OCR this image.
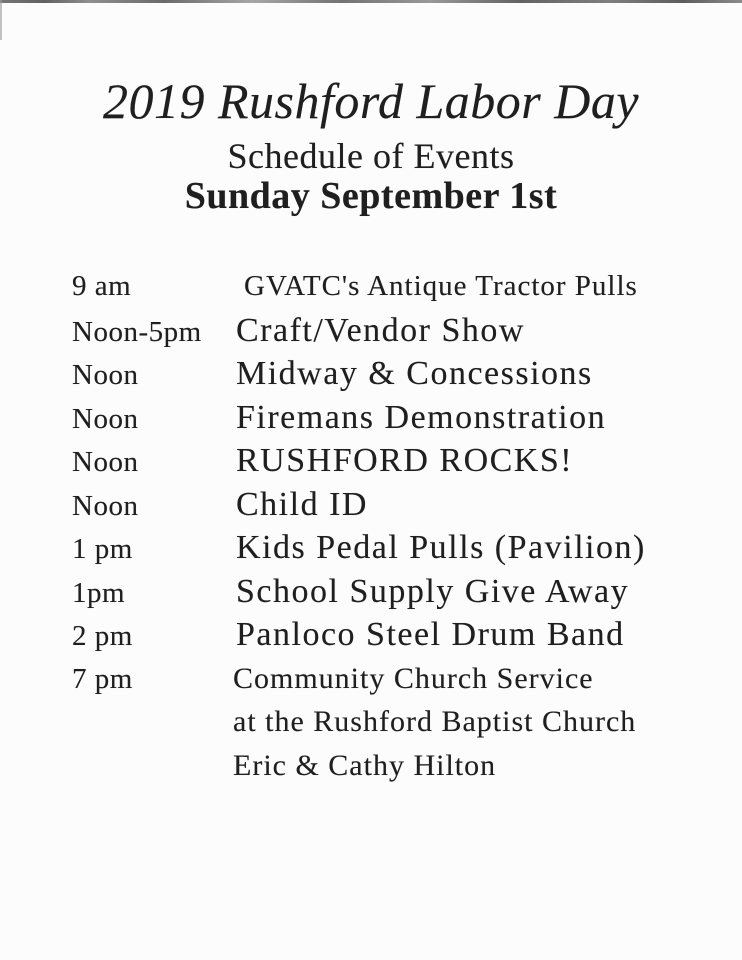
2019 Rushford Labor Day
Schedule of Events
Sunday September 1st
9 am	GVATC's Antique Tractor Pulls
Noon-5pm Craft/Vendor Show
Noon	Midway & Concessions
Noon	Firemans Demonstration
Noon	RUSHFORD ROCKS!
Noon	Child ID
1 pm	Kids Pedal Pulls (Pavilion)
1pm	School Supply Give Away
2 pm	Panloco Steel Drum Band
7 pm	Community Church Service
at the Rushford Baptist Church
Eric & Cathy Hilton
